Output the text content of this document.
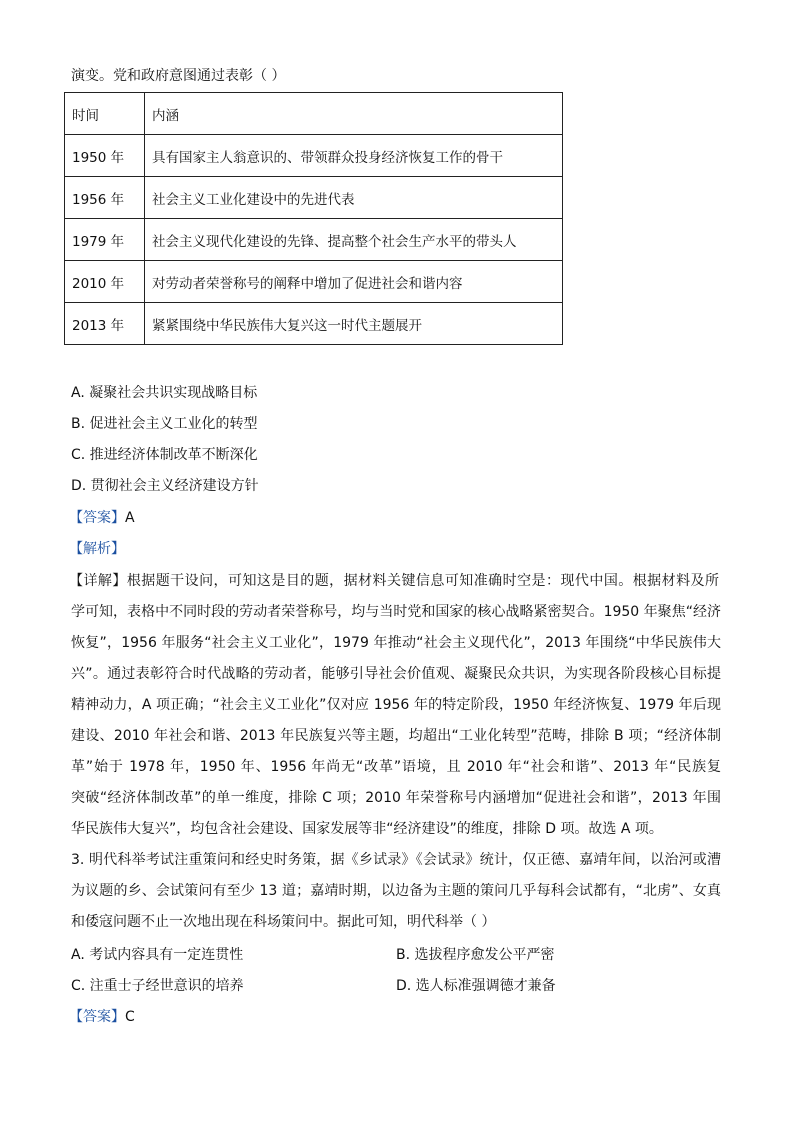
演变。党和政府意图通过表彰（ ）
时间	内涵
1950 年	具有国家主人翁意识的、带领群众投身经济恢复工作的骨干
1956 年	社会主义工业化建设中的先进代表
1979 年	社会主义现代化建设的先锋、提高整个社会生产水平的带头人
2010 年	对劳动者荣誉称号的阐释中增加了促进社会和谐内容
2013 年	紧紧围绕中华民族伟大复兴这一时代主题展开
A. 凝聚社会共识实现战略目标
B. 促进社会主义工业化的转型
C. 推进经济体制改革不断深化
D. 贯彻社会主义经济建设方针
【答案】A
【解析】
【详解】根据题干设问，可知这是目的题，据材料关键信息可知准确时空是：现代中国。根据材料及所
学可知，表格中不同时段的劳动者荣誉称号，均与当时党和国家的核心战略紧密契合。1950 年聚焦“经济
恢复”，1956 年服务“社会主义工业化”，1979 年推动“社会主义现代化”，2013 年围绕“中华民族伟大
兴”。通过表彰符合时代战略的劳动者，能够引导社会价值观、凝聚民众共识，为实现各阶段核心目标提
精神动力，A 项正确；“社会主义工业化”仅对应 1956 年的特定阶段，1950 年经济恢复、1979 年后现
建设、2010 年社会和谐、2013 年民族复兴等主题，均超出“工业化转型”范畴，排除 B 项；“经济体制
革”始于 1978 年，1950 年、1956 年尚无“改革”语境，且 2010 年“社会和谐”、2013 年“民族复
突破“经济体制改革”的单一维度，排除 C 项；2010 年荣誉称号内涵增加“促进社会和谐”，2013 年围
华民族伟大复兴”，均包含社会建设、国家发展等非“经济建设”的维度，排除 D 项。故选 A 项。
3. 明代科举考试注重策问和经史时务策，据《乡试录》《会试录》统计，仅正德、嘉靖年间，以治河或漕
为议题的乡、会试策问有至少 13 道；嘉靖时期，以边备为主题的策问几乎每科会试都有，“北虏”、女真
和倭寇问题不止一次地出现在科场策问中。据此可知，明代科举（ ）
A. 考试内容具有一定连贯性	B. 选拔程序愈发公平严密
C. 注重士子经世意识的培养	D. 选人标准强调德才兼备
【答案】C
